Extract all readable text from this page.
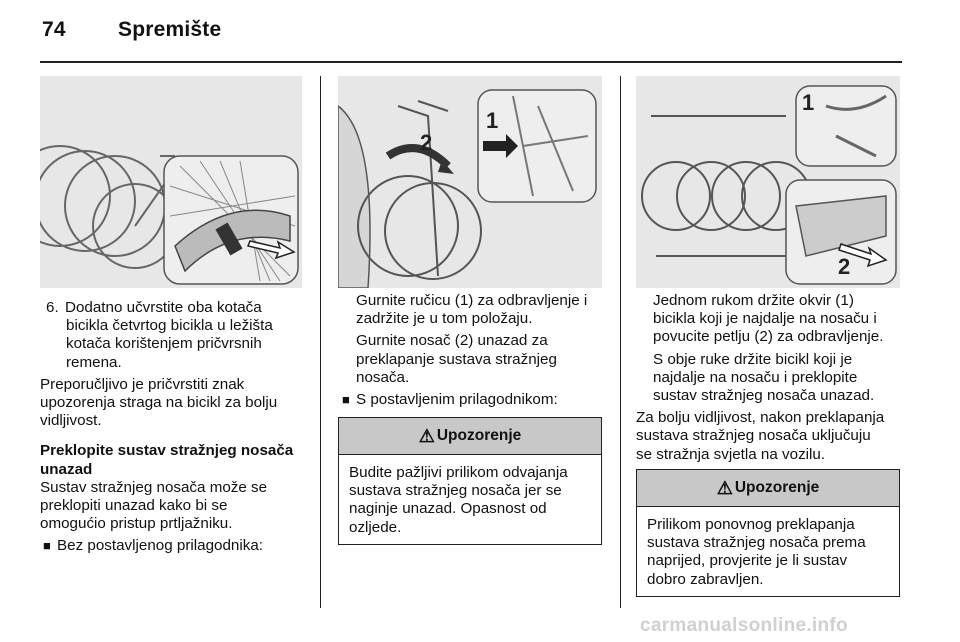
74 Spremište
1
2
1
2
6. Dodatno učvrstite oba kotača

bicikla četvrtog bicikla u ležišta

kotača korištenjem pričvrsnih

remena.

Preporučljivo je pričvrstiti znak

upozorenja straga na bicikl za bolju

vidljivost.

Preklopite sustav stražnjeg nosača

unazad

Sustav stražnjeg nosača može se

preklopiti unazad kako bi se

omogućio pristup prtljažniku.

■ Bez postavljenog prilagodnika:

Gurnite ručicu (1) za odbravljenje i

zadržite je u tom položaju.

Gurnite nosač (2) unazad za

preklapanje sustava stražnjeg

nosača.

■ S postavljenim prilagodnikom:

⚠ Upozorenje

Budite pažljivi prilikom odvajanja

sustava stražnjeg nosača jer se

naginje unazad. Opasnost od

ozljede.

Jednom rukom držite okvir (1)

bicikla koji je najdalje na nosaču i

povucite petlju (2) za odbravljenje.

S obje ruke držite bicikl koji je

najdalje na nosaču i preklopite

sustav stražnjeg nosača unazad.

Za bolju vidljivost, nakon preklapanja

sustava stražnjeg nosača uključuju

se stražnja svjetla na vozilu.

⚠ Upozorenje

Prilikom ponovnog preklapanja

sustava stražnjeg nosača prema

naprijed, provjerite je li sustav

dobro zabravljen.

carmanualsonline.info
